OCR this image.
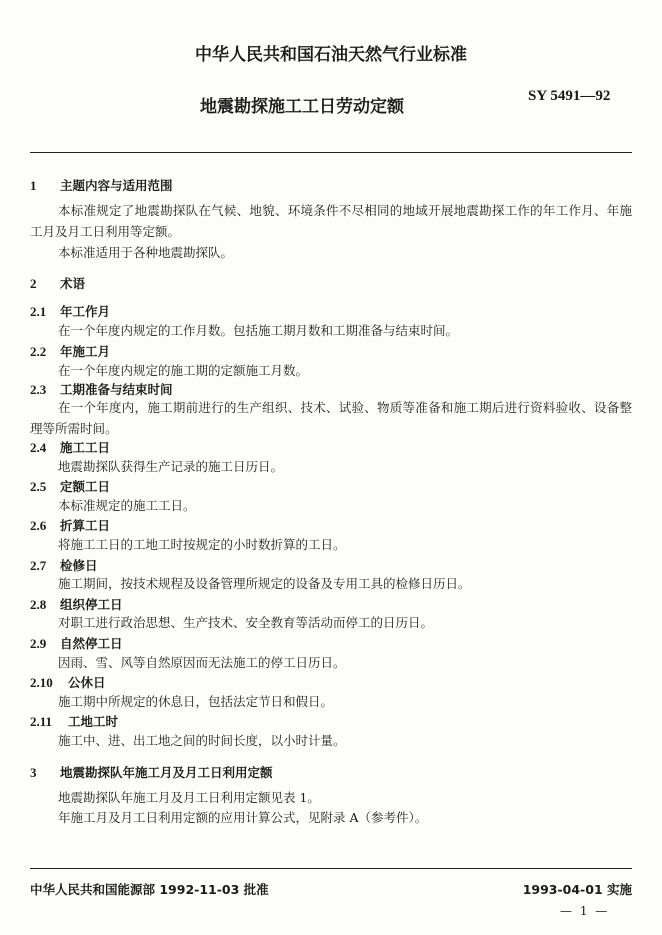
中华人民共和国石油天然气行业标准
地震勘探施工工日劳动定额
SY 5491—92
1 主题内容与适用范围
本标准规定了地震勘探队在气候、地貌、环境条件不尽相同的地域开展地震勘探工作的年工作月、年施工月及月工日利用等定额。
本标准适用于各种地震勘探队。
2 术语
2.1 年工作月
在一个年度内规定的工作月数。包括施工期月数和工期准备与结束时间。
2.2 年施工月
在一个年度内规定的施工期的定额施工月数。
2.3 工期准备与结束时间
在一个年度内，施工期前进行的生产组织、技术、试验、物质等准备和施工期后进行资料验收、设备整理等所需时间。
2.4 施工工日
地震勘探队获得生产记录的施工日历日。
2.5 定额工日
本标准规定的施工工日。
2.6 折算工日
将施工工日的工地工时按规定的小时数折算的工日。
2.7 检修日
施工期间，按技术规程及设备管理所规定的设备及专用工具的检修日历日。
2.8 组织停工日
对职工进行政治思想、生产技术、安全教育等活动而停工的日历日。
2.9 自然停工日
因雨、雪、风等自然原因而无法施工的停工日历日。
2.10 公休日
施工期中所规定的休息日，包括法定节日和假日。
2.11 工地工时
施工中、进、出工地之间的时间长度，以小时计量。
3 地震勘探队年施工月及月工日利用定额
地震勘探队年施工月及月工日利用定额见表 1。
年施工月及月工日利用定额的应用计算公式，见附录 A（参考件）。
中华人民共和国能源部 1992-11-03 批准	1993-04-01 实施
— 1 —
